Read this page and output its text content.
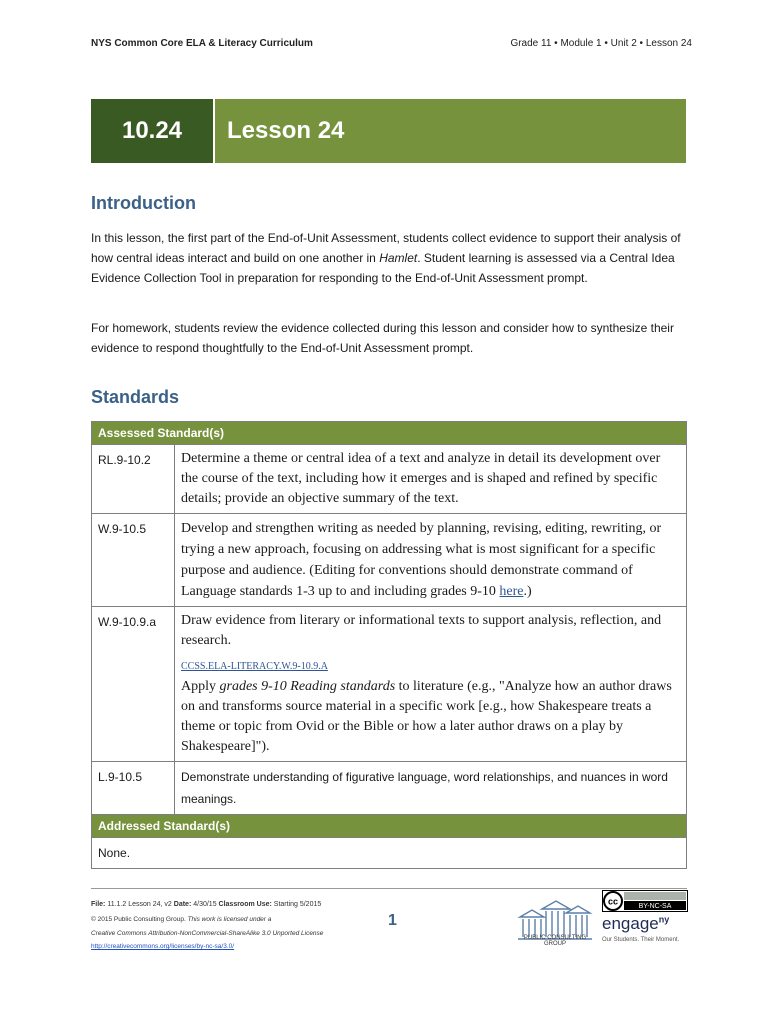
NYS Common Core ELA & Literacy Curriculum	Grade 11 • Module 1 • Unit 2 • Lesson 24
10.24	Lesson 24
Introduction

In this lesson, the first part of the End-of-Unit Assessment, students collect evidence to support their analysis of how central ideas interact and build on one another in Hamlet. Student learning is assessed via a Central Idea Evidence Collection Tool in preparation for responding to the End-of-Unit Assessment prompt.

For homework, students review the evidence collected during this lesson and consider how to synthesize their evidence to respond thoughtfully to the End-of-Unit Assessment prompt.

Standards
Assessed Standard(s)	
RL.9-10.2	Determine a theme or central idea of a text and analyze in detail its development over the course of the text, including how it emerges and is shaped and refined by specific details; provide an objective summary of the text.
W.9-10.5	Develop and strengthen writing as needed by planning, revising, editing, rewriting, or trying a new approach, focusing on addressing what is most significant for a specific purpose and audience. (Editing for conventions should demonstrate command of Language standards 1-3 up to and including grades 9-10 here.)
W.9-10.9.a	Draw evidence from literary or informational texts to support analysis, reflection, and research.
CCSS.ELA-LITERACY.W.9-10.9.A
Apply grades 9-10 Reading standards to literature (e.g., "Analyze how an author draws on and transforms source material in a specific work [e.g., how Shakespeare treats a theme or topic from Ovid or the Bible or how a later author draws on a play by Shakespeare]").

L.9-10.5	Demonstrate understanding of figurative language, word relationships, and nuances in word meanings.
Addressed Standard(s)	
None.	
File: 11.1.2 Lesson 24, v2 Date: 4/30/15 Classroom Use: Starting 5/2015
© 2015 Public Consulting Group. This work is licensed under a
Creative Commons Attribution-NonCommercial-ShareAlike 3.0 Unported License
http://creativecommons.org/licenses/by-nc-sa/3.0/
1
PUBLIC CONSULTING GROUP
cc	BY-NC-SA
engage$^{ny}$
Our Students. Their Moment.
